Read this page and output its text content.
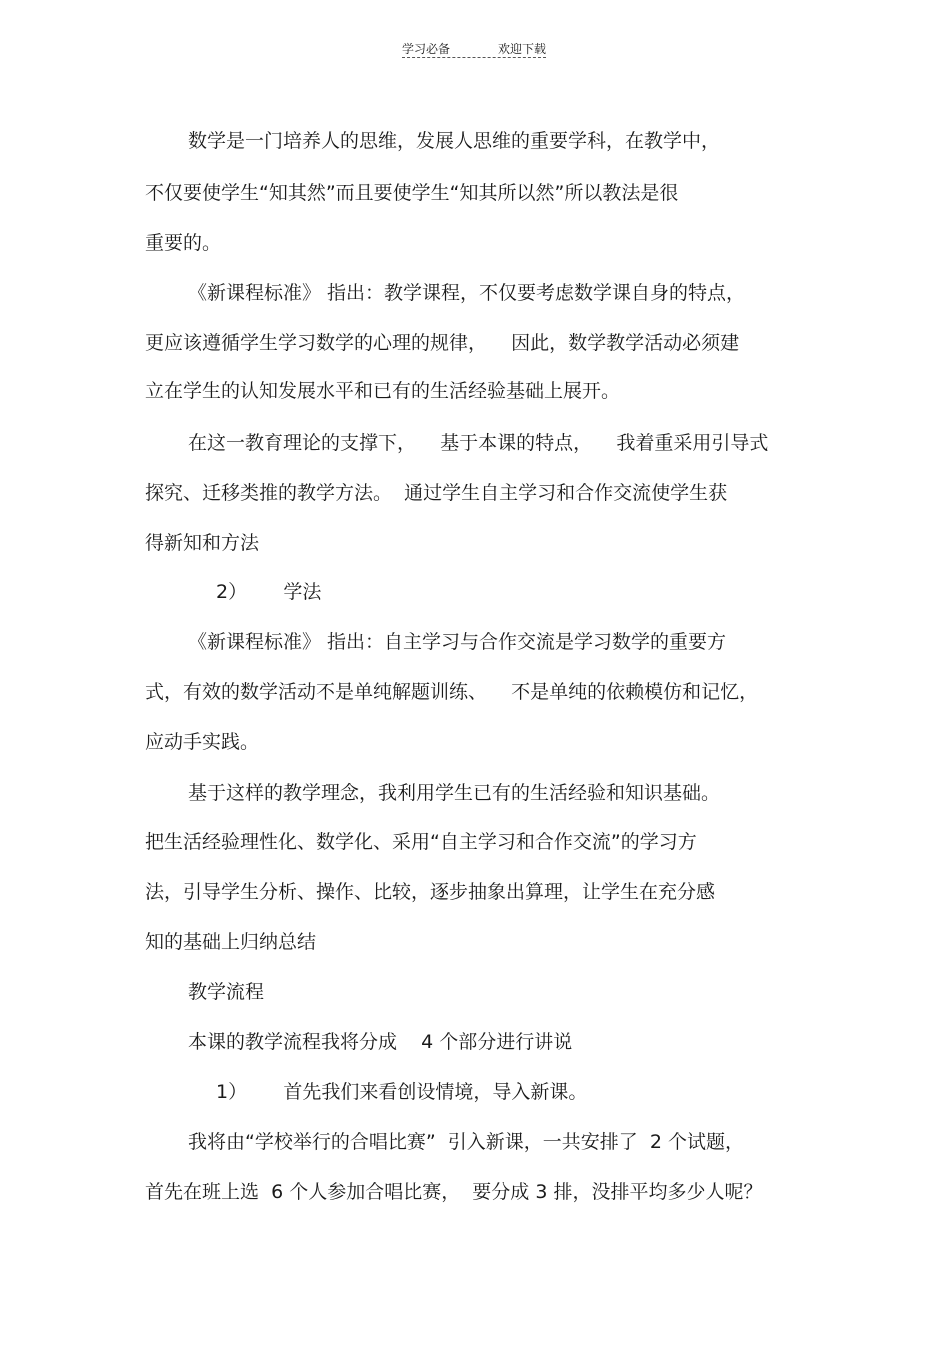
学习必备	欢迎下载
数学是一门培养人的思维，发展人思维的重要学科，在教学中，
不仅要使学生“知其然”而且要使学生“知其所以然”所以教法是很
重要的。
《新课程标准》 指出：教学课程，不仅要考虑数学课自身的特点，
更应该遵循学生学习数学的心理的规律，    因此，数学教学活动必须建
立在学生的认知发展水平和已有的生活经验基础上展开。
在这一教育理论的支撑下，    基于本课的特点，    我着重采用引导式
探究、迁移类推的教学方法。  通过学生自主学习和合作交流使学生获
得新知和方法
2）      学法
《新课程标准》 指出：自主学习与合作交流是学习数学的重要方
式，有效的数学活动不是单纯解题训练、    不是单纯的依赖模仿和记忆，
应动手实践。
基于这样的教学理念，我利用学生已有的生活经验和知识基础。
把生活经验理性化、数学化、采用“自主学习和合作交流”的学习方
法，引导学生分析、操作、比较，逐步抽象出算理，让学生在充分感
知的基础上归纳总结
教学流程
本课的教学流程我将分成    4 个部分进行讲说
1）      首先我们来看创设情境，导入新课。
我将由“学校举行的合唱比赛”  引入新课，一共安排了  2 个试题，
首先在班上选  6 个人参加合唱比赛，  要分成 3 排，没排平均多少人呢？
